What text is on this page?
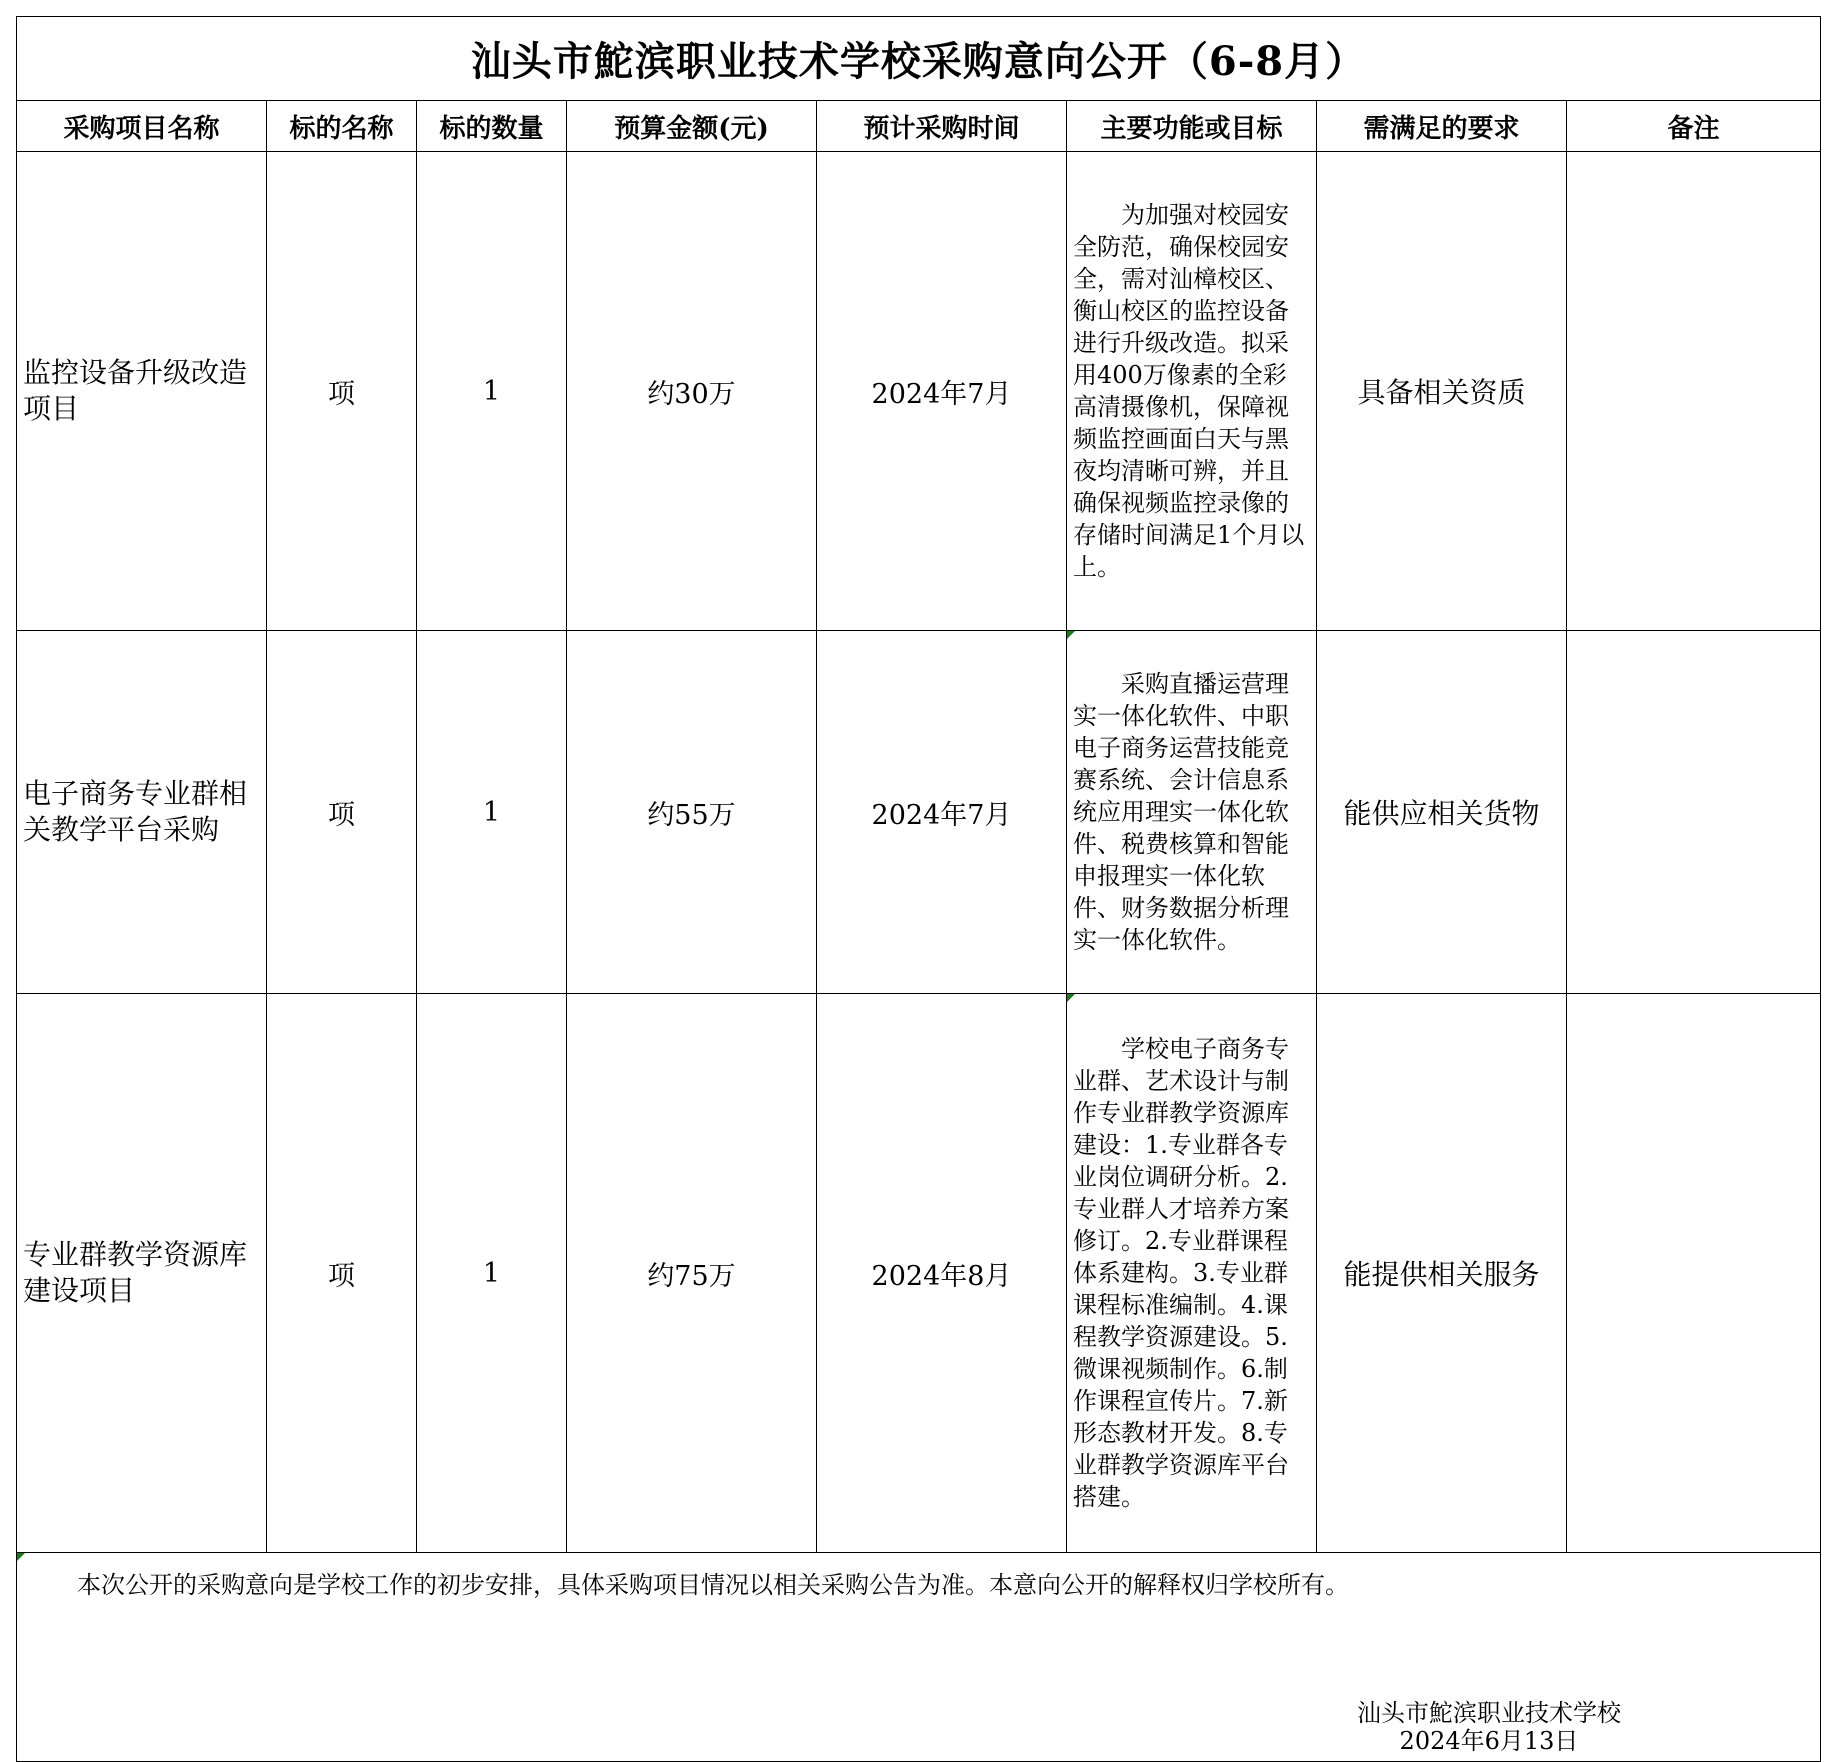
汕头市鮀滨职业技术学校采购意向公开（6-8月）							
采购项目名称	标的名称	标的数量	预算金额(元)	预计采购时间	主要功能或目标	需满足的要求	备注
监控设备升级改造项目	项	1	约30万	2024年7月	为加强对校园安全防范，确保校园安全，需对汕樟校区、衡山校区的监控设备进行升级改造。拟采用400万像素的全彩高清摄像机，保障视频监控画面白天与黑夜均清晰可辨，并且确保视频监控录像的存储时间满足1个月以上。	具备相关资质	
电子商务专业群相关教学平台采购	项	1	约55万	2024年7月	采购直播运营理实一体化软件、中职电子商务运营技能竞赛系统、会计信息系统应用理实一体化软件、税费核算和智能申报理实一体化软件、财务数据分析理实一体化软件。	能供应相关货物	
专业群教学资源库建设项目	项	1	约75万	2024年8月	学校电子商务专业群、艺术设计与制作专业群教学资源库建设：1.专业群各专业岗位调研分析。2.专业群人才培养方案修订。2.专业群课程体系建构。3.专业群课程标准编制。4.课程教学资源建设。5.微课视频制作。6.制作课程宣传片。7.新形态教材开发。8.专业群教学资源库平台搭建。	能提供相关服务	

本次公开的采购意向是学校工作的初步安排，具体采购项目情况以相关采购公告为准。本意向公开的解释权归学校所有。
汕头市鮀滨职业技术学校
2024年6月13日							
